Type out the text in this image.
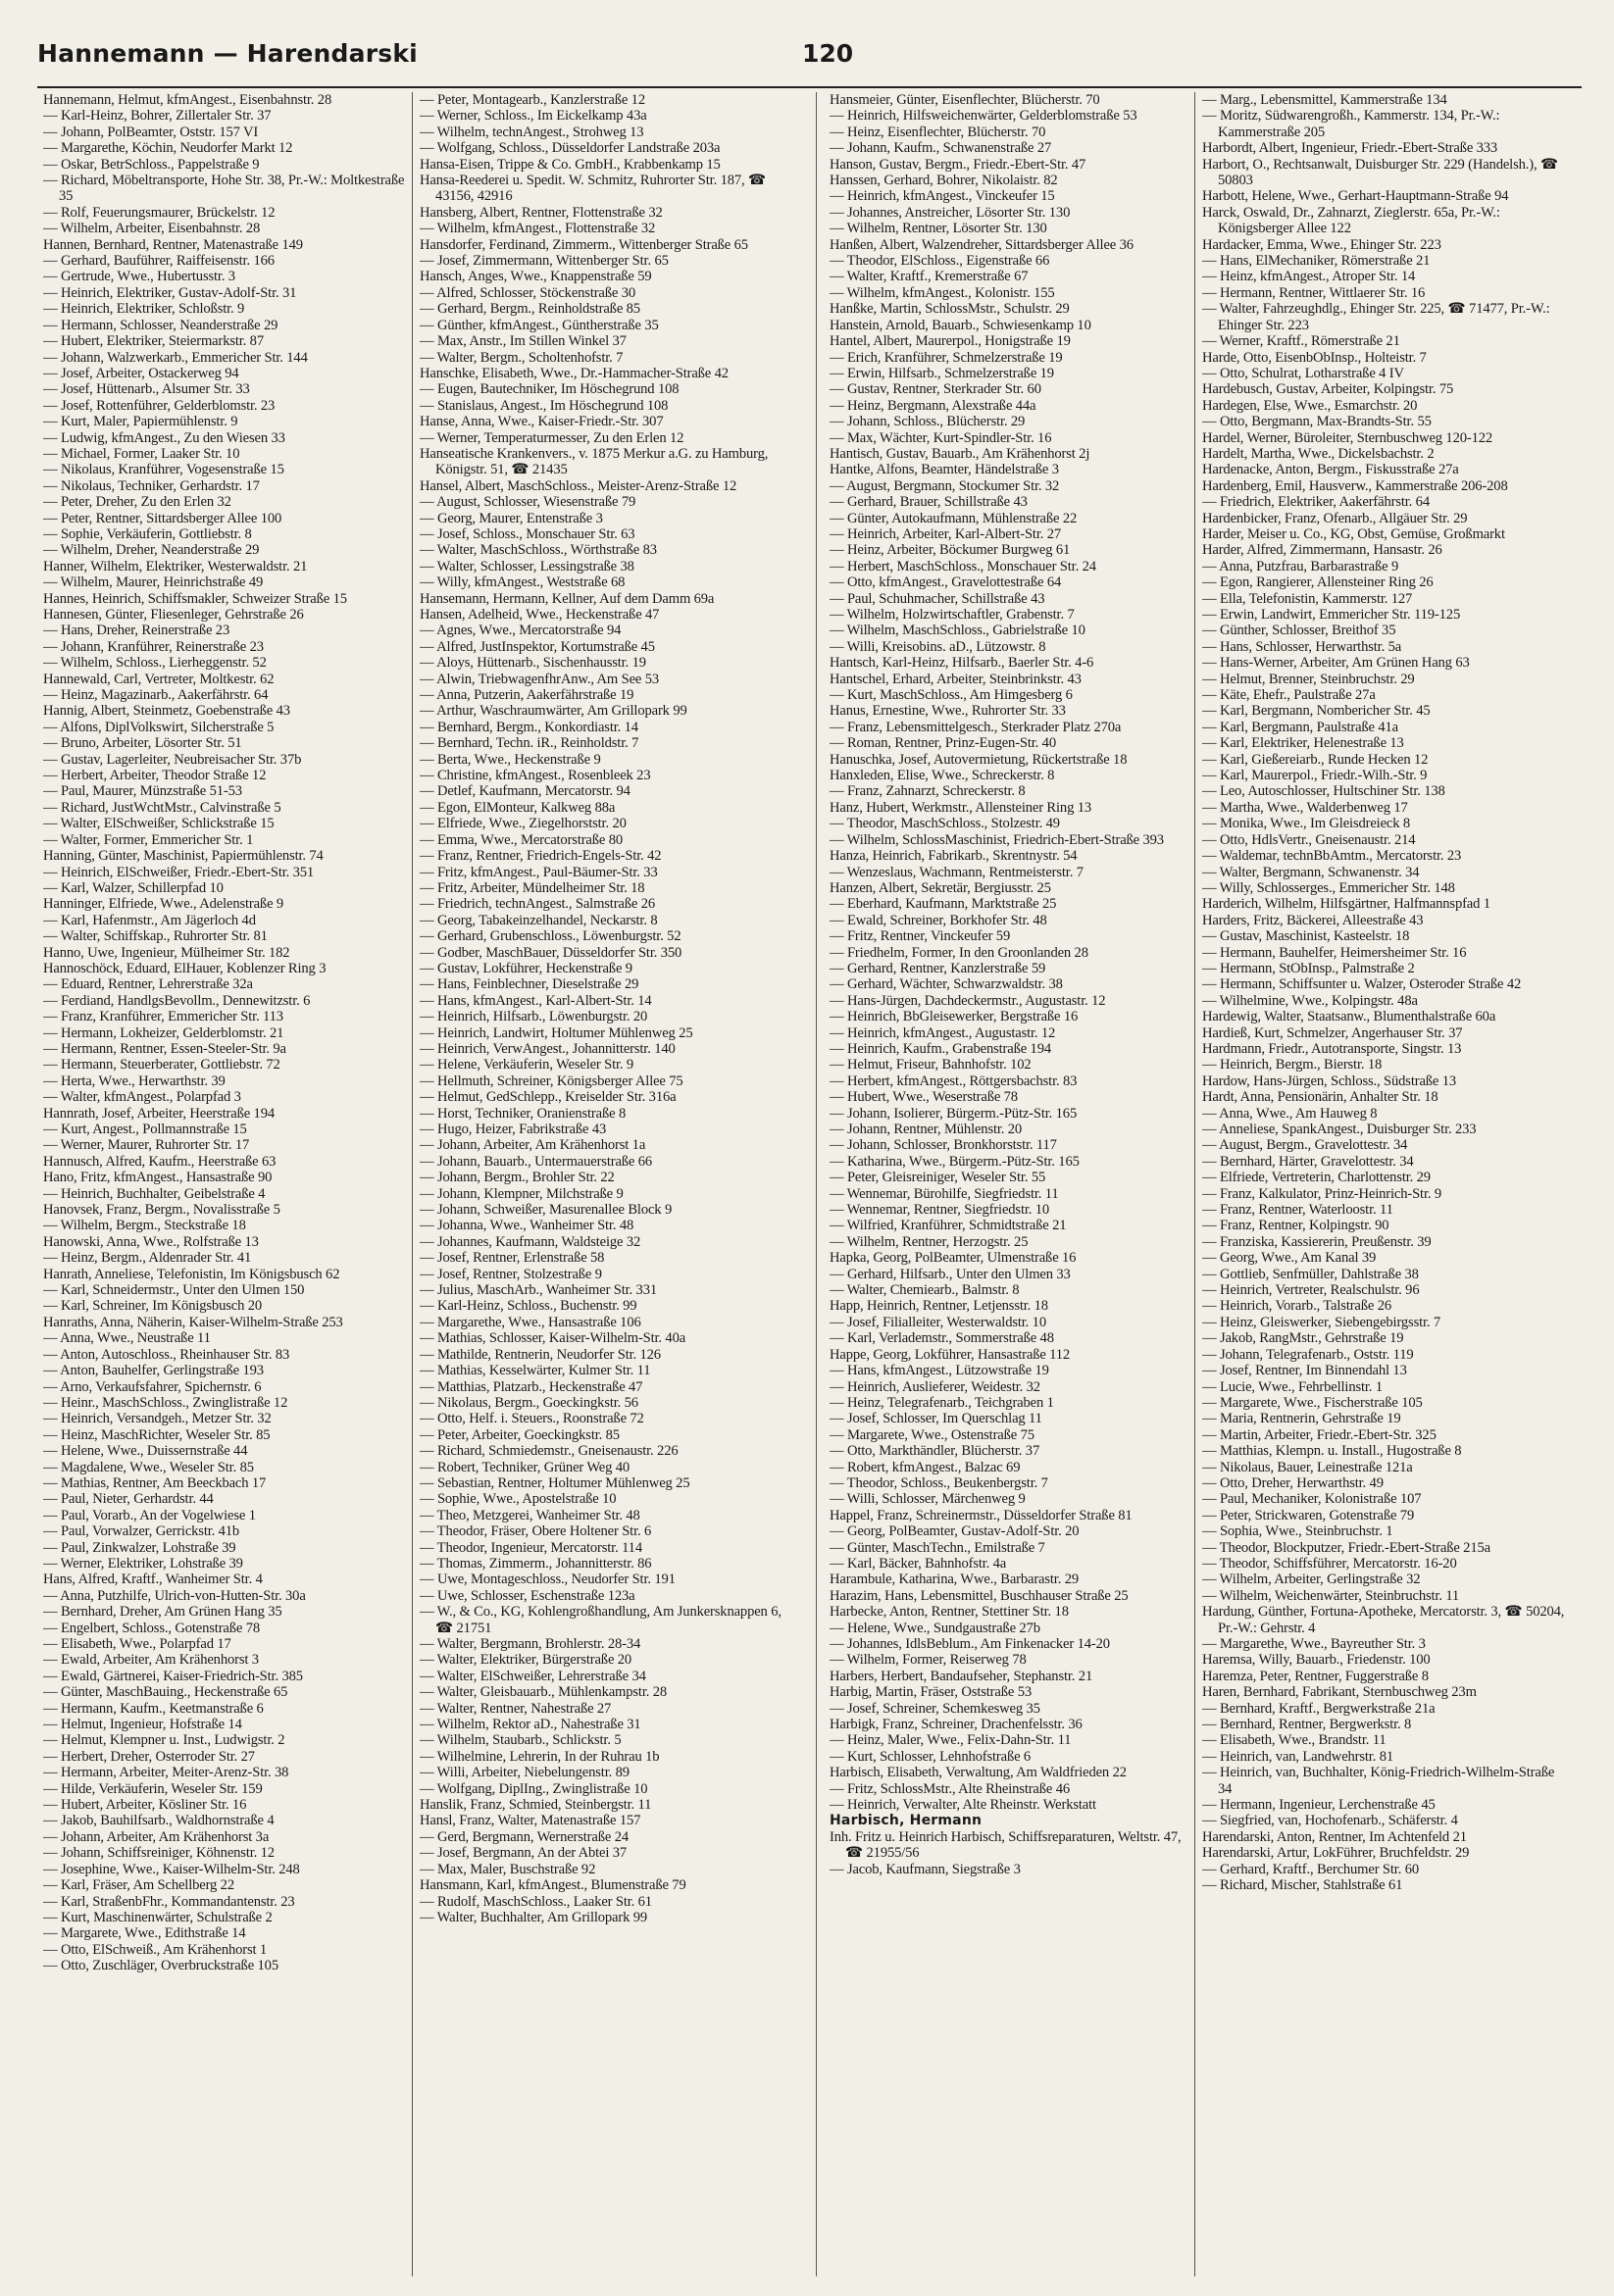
Hannemann — Harendarski	120

Hannemann, Helmut, kfmAngest., Eisenbahnstr. 28

— Karl-Heinz, Bohrer, Zillertaler Str. 37

— Johann, PolBeamter, Oststr. 157 VI

— Margarethe, Köchin, Neudorfer Markt 12

— Oskar, BetrSchloss., Pappelstraße 9

— Richard, Möbeltransporte, Hohe Str. 38, Pr.-W.: Moltkestraße 35

— Rolf, Feuerungsmaurer, Brückelstr. 12

— Wilhelm, Arbeiter, Eisenbahnstr. 28

Hannen, Bernhard, Rentner, Matenastraße 149

— Gerhard, Bauführer, Raiffeisenstr. 166

— Gertrude, Wwe., Hubertusstr. 3

— Heinrich, Elektriker, Gustav-Adolf-Str. 31

— Heinrich, Elektriker, Schloßstr. 9

— Hermann, Schlosser, Neanderstraße 29

— Hubert, Elektriker, Steiermarkstr. 87

— Johann, Walzwerkarb., Emmericher Str. 144

— Josef, Arbeiter, Ostackerweg 94

— Josef, Hüttenarb., Alsumer Str. 33

— Josef, Rottenführer, Gelderblomstr. 23

— Kurt, Maler, Papiermühlenstr. 9

— Ludwig, kfmAngest., Zu den Wiesen 33

— Michael, Former, Laaker Str. 10

— Nikolaus, Kranführer, Vogesenstraße 15

— Nikolaus, Techniker, Gerhardstr. 17

— Peter, Dreher, Zu den Erlen 32

— Peter, Rentner, Sittardsberger Allee 100

— Sophie, Verkäuferin, Gottliebstr. 8

— Wilhelm, Dreher, Neanderstraße 29

Hanner, Wilhelm, Elektriker, Westerwaldstr. 21

— Wilhelm, Maurer, Heinrichstraße 49

Hannes, Heinrich, Schiffsmakler, Schweizer Straße 15

Hannesen, Günter, Fliesenleger, Gehrstraße 26

— Hans, Dreher, Reinerstraße 23

— Johann, Kranführer, Reinerstraße 23

— Wilhelm, Schloss., Lierheggenstr. 52

Hannewald, Carl, Vertreter, Moltkestr. 62

— Heinz, Magazinarb., Aakerfährstr. 64

Hannig, Albert, Steinmetz, Goebenstraße 43

— Alfons, DiplVolkswirt, Silcherstraße 5

— Bruno, Arbeiter, Lösorter Str. 51

— Gustav, Lagerleiter, Neubreisacher Str. 37b

— Herbert, Arbeiter, Theodor Straße 12

— Paul, Maurer, Münzstraße 51-53

— Richard, JustWchtMstr., Calvinstraße 5

— Walter, ElSchweißer, Schlickstraße 15

— Walter, Former, Emmericher Str. 1

Hanning, Günter, Maschinist, Papiermühlenstr. 74

— Heinrich, ElSchweißer, Friedr.-Ebert-Str. 351

— Karl, Walzer, Schillerpfad 10

Hanninger, Elfriede, Wwe., Adelenstraße 9

— Karl, Hafenmstr., Am Jägerloch 4d

— Walter, Schiffskap., Ruhrorter Str. 81

Hanno, Uwe, Ingenieur, Mülheimer Str. 182

Hannoschöck, Eduard, ElHauer, Koblenzer Ring 3

— Eduard, Rentner, Lehrerstraße 32a

— Ferdiand, HandlgsBevollm., Dennewitzstr. 6

— Franz, Kranführer, Emmericher Str. 113

— Hermann, Lokheizer, Gelderblomstr. 21

— Hermann, Rentner, Essen-Steeler-Str. 9a

— Hermann, Steuerberater, Gottliebstr. 72

— Herta, Wwe., Herwarthstr. 39

— Walter, kfmAngest., Polarpfad 3

Hannrath, Josef, Arbeiter, Heerstraße 194

— Kurt, Angest., Pollmannstraße 15

— Werner, Maurer, Ruhrorter Str. 17

Hannusch, Alfred, Kaufm., Heerstraße 63

Hano, Fritz, kfmAngest., Hansastraße 90

— Heinrich, Buchhalter, Geibelstraße 4

Hanovsek, Franz, Bergm., Novalisstraße 5

— Wilhelm, Bergm., Steckstraße 18

Hanowski, Anna, Wwe., Rolfstraße 13

— Heinz, Bergm., Aldenrader Str. 41

Hanrath, Anneliese, Telefonistin, Im Königsbusch 62

— Karl, Schneidermstr., Unter den Ulmen 150

— Karl, Schreiner, Im Königsbusch 20

Hanraths, Anna, Näherin, Kaiser-Wilhelm-Straße 253

— Anna, Wwe., Neustraße 11

— Anton, Autoschloss., Rheinhauser Str. 83

— Anton, Bauhelfer, Gerlingstraße 193

— Arno, Verkaufsfahrer, Spichernstr. 6

— Heinr., MaschSchloss., Zwinglistraße 12

— Heinrich, Versandgeh., Metzer Str. 32

— Heinz, MaschRichter, Weseler Str. 85

— Helene, Wwe., Duissernstraße 44

— Magdalene, Wwe., Weseler Str. 85

— Mathias, Rentner, Am Beeckbach 17

— Paul, Nieter, Gerhardstr. 44

— Paul, Vorarb., An der Vogelwiese 1

— Paul, Vorwalzer, Gerrickstr. 41b

— Paul, Zinkwalzer, Lohstraße 39

— Werner, Elektriker, Lohstraße 39

Hans, Alfred, Kraftf., Wanheimer Str. 4

— Anna, Putzhilfe, Ulrich-von-Hutten-Str. 30a

— Bernhard, Dreher, Am Grünen Hang 35

— Engelbert, Schloss., Gotenstraße 78

— Elisabeth, Wwe., Polarpfad 17

— Ewald, Arbeiter, Am Krähenhorst 3

— Ewald, Gärtnerei, Kaiser-Friedrich-Str. 385

— Günter, MaschBauing., Heckenstraße 65

— Hermann, Kaufm., Keetmanstraße 6

— Helmut, Ingenieur, Hofstraße 14

— Helmut, Klempner u. Inst., Ludwigstr. 2

— Herbert, Dreher, Osterroder Str. 27

— Hermann, Arbeiter, Meiter-Arenz-Str. 38

— Hilde, Verkäuferin, Weseler Str. 159

— Hubert, Arbeiter, Kösliner Str. 16

— Jakob, Bauhilfsarb., Waldhornstraße 4

— Johann, Arbeiter, Am Krähenhorst 3a

— Johann, Schiffsreiniger, Köhnenstr. 12

— Josephine, Wwe., Kaiser-Wilhelm-Str. 248

— Karl, Fräser, Am Schellberg 22

— Karl, StraßenbFhr., Kommandantenstr. 23

— Kurt, Maschinenwärter, Schulstraße 2

— Margarete, Wwe., Edithstraße 14

— Otto, ElSchweiß., Am Krähenhorst 1

— Otto, Zuschläger, Overbruckstraße 105

— Peter, Montagearb., Kanzlerstraße 12

— Werner, Schloss., Im Eickelkamp 43a

— Wilhelm, technAngest., Strohweg 13

— Wolfgang, Schloss., Düsseldorfer Landstraße 203a

Hansa-Eisen, Trippe & Co. GmbH., Krabbenkamp 15

Hansa-Reederei u. Spedit. W. Schmitz, Ruhrorter Str. 187, ☎ 43156, 42916

Hansberg, Albert, Rentner, Flottenstraße 32

— Wilhelm, kfmAngest., Flottenstraße 32

Hansdorfer, Ferdinand, Zimmerm., Wittenberger Straße 65

— Josef, Zimmermann, Wittenberger Str. 65

Hansch, Anges, Wwe., Knappenstraße 59

— Alfred, Schlosser, Stöckenstraße 30

— Gerhard, Bergm., Reinholdstraße 85

— Günther, kfmAngest., Güntherstraße 35

— Max, Anstr., Im Stillen Winkel 37

— Walter, Bergm., Scholtenhofstr. 7

Hanschke, Elisabeth, Wwe., Dr.-Hammacher-Straße 42

— Eugen, Bautechniker, Im Höschegrund 108

— Stanislaus, Angest., Im Höschegrund 108

Hanse, Anna, Wwe., Kaiser-Friedr.-Str. 307

— Werner, Temperaturmesser, Zu den Erlen 12

Hanseatische Krankenvers., v. 1875 Merkur a.G. zu Hamburg, Königstr. 51, ☎ 21435

Hansel, Albert, MaschSchloss., Meister-Arenz-Straße 12

— August, Schlosser, Wiesenstraße 79

— Georg, Maurer, Entenstraße 3

— Josef, Schloss., Monschauer Str. 63

— Walter, MaschSchloss., Wörthstraße 83

— Walter, Schlosser, Lessingstraße 38

— Willy, kfmAngest., Weststraße 68

Hansemann, Hermann, Kellner, Auf dem Damm 69a

Hansen, Adelheid, Wwe., Heckenstraße 47

— Agnes, Wwe., Mercatorstraße 94

— Alfred, JustInspektor, Kortumstraße 45

— Aloys, Hüttenarb., Sischenhausstr. 19

— Alwin, TriebwagenfhrAnw., Am See 53

— Anna, Putzerin, Aakerfährstraße 19

— Arthur, Waschraumwärter, Am Grillopark 99

— Bernhard, Bergm., Konkordiastr. 14

— Bernhard, Techn. iR., Reinholdstr. 7

— Berta, Wwe., Heckenstraße 9

— Christine, kfmAngest., Rosenbleek 23

— Detlef, Kaufmann, Mercatorstr. 94

— Egon, ElMonteur, Kalkweg 88a

— Elfriede, Wwe., Ziegelhorststr. 20

— Emma, Wwe., Mercatorstraße 80

— Franz, Rentner, Friedrich-Engels-Str. 42

— Fritz, kfmAngest., Paul-Bäumer-Str. 33

— Fritz, Arbeiter, Mündelheimer Str. 18

— Friedrich, technAngest., Salmstraße 26

— Georg, Tabakeinzelhandel, Neckarstr. 8

— Gerhard, Grubenschloss., Löwenburgstr. 52

— Godber, MaschBauer, Düsseldorfer Str. 350

— Gustav, Lokführer, Heckenstraße 9

— Hans, Feinblechner, Dieselstraße 29

— Hans, kfmAngest., Karl-Albert-Str. 14

— Heinrich, Hilfsarb., Löwenburgstr. 20

— Heinrich, Landwirt, Holtumer Mühlenweg 25

— Heinrich, VerwAngest., Johannitterstr. 140

— Helene, Verkäuferin, Weseler Str. 9

— Hellmuth, Schreiner, Königsberger Allee 75

— Helmut, GedSchlepp., Kreiselder Str. 316a

— Horst, Techniker, Oranienstraße 8

— Hugo, Heizer, Fabrikstraße 43

— Johann, Arbeiter, Am Krähenhorst 1a

— Johann, Bauarb., Untermauerstraße 66

— Johann, Bergm., Brohler Str. 22

— Johann, Klempner, Milchstraße 9

— Johann, Schweißer, Masurenallee Block 9

— Johanna, Wwe., Wanheimer Str. 48

— Johannes, Kaufmann, Waldsteige 32

— Josef, Rentner, Erlenstraße 58

— Josef, Rentner, Stolzestraße 9

— Julius, MaschArb., Wanheimer Str. 331

— Karl-Heinz, Schloss., Buchenstr. 99

— Margarethe, Wwe., Hansastraße 106

— Mathias, Schlosser, Kaiser-Wilhelm-Str. 40a

— Mathilde, Rentnerin, Neudorfer Str. 126

— Mathias, Kesselwärter, Kulmer Str. 11

— Matthias, Platzarb., Heckenstraße 47

— Nikolaus, Bergm., Goeckingkstr. 56

— Otto, Helf. i. Steuers., Roonstraße 72

— Peter, Arbeiter, Goeckingkstr. 85

— Richard, Schmiedemstr., Gneisenaustr. 226

— Robert, Techniker, Grüner Weg 40

— Sebastian, Rentner, Holtumer Mühlenweg 25

— Sophie, Wwe., Apostelstraße 10

— Theo, Metzgerei, Wanheimer Str. 48

— Theodor, Fräser, Obere Holtener Str. 6

— Theodor, Ingenieur, Mercatorstr. 114

— Thomas, Zimmerm., Johannitterstr. 86

— Uwe, Montageschloss., Neudorfer Str. 191

— Uwe, Schlosser, Eschenstraße 123a

— W., & Co., KG, Kohlengroßhandlung, Am Junkersknappen 6, ☎ 21751

— Walter, Bergmann, Brohlerstr. 28-34

— Walter, Elektriker, Bürgerstraße 20

— Walter, ElSchweißer, Lehrerstraße 34

— Walter, Gleisbauarb., Mühlenkampstr. 28

— Walter, Rentner, Nahestraße 27

— Wilhelm, Rektor aD., Nahestraße 31

— Wilhelm, Staubarb., Schlickstr. 5

— Wilhelmine, Lehrerin, In der Ruhrau 1b

— Willi, Arbeiter, Niebelungenstr. 89

— Wolfgang, DiplIng., Zwinglistraße 10

Hanslik, Franz, Schmied, Steinbergstr. 11

Hansl, Franz, Walter, Matenastraße 157

— Gerd, Bergmann, Wernerstraße 24

— Josef, Bergmann, An der Abtei 37

— Max, Maler, Buschstraße 92

Hansmann, Karl, kfmAngest., Blumenstraße 79

— Rudolf, MaschSchloss., Laaker Str. 61

— Walter, Buchhalter, Am Grillopark 99

Hansmeier, Günter, Eisenflechter, Blücherstr. 70

— Heinrich, Hilfsweichenwärter, Gelderblomstraße 53

— Heinz, Eisenflechter, Blücherstr. 70

— Johann, Kaufm., Schwanenstraße 27

Hanson, Gustav, Bergm., Friedr.-Ebert-Str. 47

Hanssen, Gerhard, Bohrer, Nikolaistr. 82

— Heinrich, kfmAngest., Vinckeufer 15

— Johannes, Anstreicher, Lösorter Str. 130

— Wilhelm, Rentner, Lösorter Str. 130

Hanßen, Albert, Walzendreher, Sittardsberger Allee 36

— Theodor, ElSchloss., Eigenstraße 66

— Walter, Kraftf., Kremerstraße 67

— Wilhelm, kfmAngest., Kolonistr. 155

Hanßke, Martin, SchlossMstr., Schulstr. 29

Hanstein, Arnold, Bauarb., Schwiesenkamp 10

Hantel, Albert, Maurerpol., Honigstraße 19

— Erich, Kranführer, Schmelzerstraße 19

— Erwin, Hilfsarb., Schmelzerstraße 19

— Gustav, Rentner, Sterkrader Str. 60

— Heinz, Bergmann, Alexstraße 44a

— Johann, Schloss., Blücherstr. 29

— Max, Wächter, Kurt-Spindler-Str. 16

Hantisch, Gustav, Bauarb., Am Krähenhorst 2j

Hantke, Alfons, Beamter, Händelstraße 3

— August, Bergmann, Stockumer Str. 32

— Gerhard, Brauer, Schillstraße 43

— Günter, Autokaufmann, Mühlenstraße 22

— Heinrich, Arbeiter, Karl-Albert-Str. 27

— Heinz, Arbeiter, Böckumer Burgweg 61

— Herbert, MaschSchloss., Monschauer Str. 24

— Otto, kfmAngest., Gravelottestraße 64

— Paul, Schuhmacher, Schillstraße 43

— Wilhelm, Holzwirtschaftler, Grabenstr. 7

— Wilhelm, MaschSchloss., Gabrielstraße 10

— Willi, Kreisobins. aD., Lützowstr. 8

Hantsch, Karl-Heinz, Hilfsarb., Baerler Str. 4-6

Hantschel, Erhard, Arbeiter, Steinbrinkstr. 43

— Kurt, MaschSchloss., Am Himgesberg 6

Hanus, Ernestine, Wwe., Ruhrorter Str. 33

— Franz, Lebensmittelgesch., Sterkrader Platz 270a

— Roman, Rentner, Prinz-Eugen-Str. 40

Hanuschka, Josef, Autovermietung, Rückertstraße 18

Hanxleden, Elise, Wwe., Schreckerstr. 8

— Franz, Zahnarzt, Schreckerstr. 8

Hanz, Hubert, Werkmstr., Allensteiner Ring 13

— Theodor, MaschSchloss., Stolzestr. 49

— Wilhelm, SchlossMaschinist, Friedrich-Ebert-Straße 393

Hanza, Heinrich, Fabrikarb., Skrentnystr. 54

— Wenzeslaus, Wachmann, Rentmeisterstr. 7

Hanzen, Albert, Sekretär, Bergiusstr. 25

— Eberhard, Kaufmann, Marktstraße 25

— Ewald, Schreiner, Borkhofer Str. 48

— Fritz, Rentner, Vinckeufer 59

— Friedhelm, Former, In den Groonlanden 28

— Gerhard, Rentner, Kanzlerstraße 59

— Gerhard, Wächter, Schwarzwaldstr. 38

— Hans-Jürgen, Dachdeckermstr., Augustastr. 12

— Heinrich, BbGleisewerker, Bergstraße 16

— Heinrich, kfmAngest., Augustastr. 12

— Heinrich, Kaufm., Grabenstraße 194

— Helmut, Friseur, Bahnhofstr. 102

— Herbert, kfmAngest., Röttgersbachstr. 83

— Hubert, Wwe., Weserstraße 78

— Johann, Isolierer, Bürgerm.-Pütz-Str. 165

— Johann, Rentner, Mühlenstr. 20

— Johann, Schlosser, Bronkhorststr. 117

— Katharina, Wwe., Bürgerm.-Pütz-Str. 165

— Peter, Gleisreiniger, Weseler Str. 55

— Wennemar, Bürohilfe, Siegfriedstr. 11

— Wennemar, Rentner, Siegfriedstr. 10

— Wilfried, Kranführer, Schmidtstraße 21

— Wilhelm, Rentner, Herzogstr. 25

Hapka, Georg, PolBeamter, Ulmenstraße 16

— Gerhard, Hilfsarb., Unter den Ulmen 33

— Walter, Chemiearb., Balmstr. 8

Happ, Heinrich, Rentner, Letjensstr. 18

— Josef, Filialleiter, Westerwaldstr. 10

— Karl, Verlademstr., Sommerstraße 48

Happe, Georg, Lokführer, Hansastraße 112

— Hans, kfmAngest., Lützowstraße 19

— Heinrich, Auslieferer, Weidestr. 32

— Heinz, Telegrafenarb., Teichgraben 1

— Josef, Schlosser, Im Querschlag 11

— Margarete, Wwe., Ostenstraße 75

— Otto, Markthändler, Blücherstr. 37

— Robert, kfmAngest., Balzac 69

— Theodor, Schloss., Beukenbergstr. 7

— Willi, Schlosser, Märchenweg 9

Happel, Franz, Schreinermstr., Düsseldorfer Straße 81

— Georg, PolBeamter, Gustav-Adolf-Str. 20

— Günter, MaschTechn., Emilstraße 7

— Karl, Bäcker, Bahnhofstr. 4a

Harambule, Katharina, Wwe., Barbarastr. 29

Harazim, Hans, Lebensmittel, Buschhauser Straße 25

Harbecke, Anton, Rentner, Stettiner Str. 18

— Helene, Wwe., Sundgaustraße 27b

— Johannes, IdlsBeblum., Am Finkenacker 14-20

— Wilhelm, Former, Reiserweg 78

Harbers, Herbert, Bandaufseher, Stephanstr. 21

Harbig, Martin, Fräser, Oststraße 53

— Josef, Schreiner, Schemkesweg 35

Harbigk, Franz, Schreiner, Drachenfelsstr. 36

— Heinz, Maler, Wwe., Felix-Dahn-Str. 11

— Kurt, Schlosser, Lehnhofstraße 6

Harbisch, Elisabeth, Verwaltung, Am Waldfrieden 22

— Fritz, SchlossMstr., Alte Rheinstraße 46

— Heinrich, Verwalter, Alte Rheinstr. Werkstatt

Harbisch, Hermann

Inh. Fritz u. Heinrich Harbisch, Schiffsreparaturen, Weltstr. 47, ☎ 21955/56

— Jacob, Kaufmann, Siegstraße 3

— Marg., Lebensmittel, Kammerstraße 134

— Moritz, Südwarengroßh., Kammerstr. 134, Pr.-W.: Kammerstraße 205

Harbordt, Albert, Ingenieur, Friedr.-Ebert-Straße 333

Harbort, O., Rechtsanwalt, Duisburger Str. 229 (Handelsh.), ☎ 50803

Harbott, Helene, Wwe., Gerhart-Hauptmann-Straße 94

Harck, Oswald, Dr., Zahnarzt, Zieglerstr. 65a, Pr.-W.: Königsberger Allee 122

Hardacker, Emma, Wwe., Ehinger Str. 223

— Hans, ElMechaniker, Römerstraße 21

— Heinz, kfmAngest., Atroper Str. 14

— Hermann, Rentner, Wittlaerer Str. 16

— Walter, Fahrzeughdlg., Ehinger Str. 225, ☎ 71477, Pr.-W.: Ehinger Str. 223

— Werner, Kraftf., Römerstraße 21

Harde, Otto, EisenbObInsp., Holteistr. 7

— Otto, Schulrat, Lotharstraße 4 IV

Hardebusch, Gustav, Arbeiter, Kolpingstr. 75

Hardegen, Else, Wwe., Esmarchstr. 20

— Otto, Bergmann, Max-Brandts-Str. 55

Hardel, Werner, Büroleiter, Sternbuschweg 120-122

Hardelt, Martha, Wwe., Dickelsbachstr. 2

Hardenacke, Anton, Bergm., Fiskusstraße 27a

Hardenberg, Emil, Hausverw., Kammerstraße 206-208

— Friedrich, Elektriker, Aakerfährstr. 64

Hardenbicker, Franz, Ofenarb., Allgäuer Str. 29

Harder, Meiser u. Co., KG, Obst, Gemüse, Großmarkt

Harder, Alfred, Zimmermann, Hansastr. 26

— Anna, Putzfrau, Barbarastraße 9

— Egon, Rangierer, Allensteiner Ring 26

— Ella, Telefonistin, Kammerstr. 127

— Erwin, Landwirt, Emmericher Str. 119-125

— Günther, Schlosser, Breithof 35

— Hans, Schlosser, Herwarthstr. 5a

— Hans-Werner, Arbeiter, Am Grünen Hang 63

— Helmut, Brenner, Steinbruchstr. 29

— Käte, Ehefr., Paulstraße 27a

— Karl, Bergmann, Nombericher Str. 45

— Karl, Bergmann, Paulstraße 41a

— Karl, Elektriker, Helenestraße 13

— Karl, Gießereiarb., Runde Hecken 12

— Karl, Maurerpol., Friedr.-Wilh.-Str. 9

— Leo, Autoschlosser, Hultschiner Str. 138

— Martha, Wwe., Walderbenweg 17

— Monika, Wwe., Im Gleisdreieck 8

— Otto, HdlsVertr., Gneisenaustr. 214

— Waldemar, technBbAmtm., Mercatorstr. 23

— Walter, Bergmann, Schwanenstr. 34

— Willy, Schlosserges., Emmericher Str. 148

Harderich, Wilhelm, Hilfsgärtner, Halfmannspfad 1

Harders, Fritz, Bäckerei, Alleestraße 43

— Gustav, Maschinist, Kasteelstr. 18

— Hermann, Bauhelfer, Heimersheimer Str. 16

— Hermann, StObInsp., Palmstraße 2

— Hermann, Schiffsunter u. Walzer, Osteroder Straße 42

— Wilhelmine, Wwe., Kolpingstr. 48a

Hardewig, Walter, Staatsanw., Blumenthalstraße 60a

Hardieß, Kurt, Schmelzer, Angerhauser Str. 37

Hardmann, Friedr., Autotransporte, Singstr. 13

— Heinrich, Bergm., Bierstr. 18

Hardow, Hans-Jürgen, Schloss., Südstraße 13

Hardt, Anna, Pensionärin, Anhalter Str. 18

— Anna, Wwe., Am Hauweg 8

— Anneliese, SpankAngest., Duisburger Str. 233

— August, Bergm., Gravelottestr. 34

— Bernhard, Härter, Gravelottestr. 34

— Elfriede, Vertreterin, Charlottenstr. 29

— Franz, Kalkulator, Prinz-Heinrich-Str. 9

— Franz, Rentner, Waterloostr. 11

— Franz, Rentner, Kolpingstr. 90

— Franziska, Kassiererin, Preußenstr. 39

— Georg, Wwe., Am Kanal 39

— Gottlieb, Senfmüller, Dahlstraße 38

— Heinrich, Vertreter, Realschulstr. 96

— Heinrich, Vorarb., Talstraße 26

— Heinz, Gleiswerker, Siebengebirgsstr. 7

— Jakob, RangMstr., Gehrstraße 19

— Johann, Telegrafenarb., Oststr. 119

— Josef, Rentner, Im Binnendahl 13

— Lucie, Wwe., Fehrbellinstr. 1

— Margarete, Wwe., Fischerstraße 105

— Maria, Rentnerin, Gehrstraße 19

— Martin, Arbeiter, Friedr.-Ebert-Str. 325

— Matthias, Klempn. u. Install., Hugostraße 8

— Nikolaus, Bauer, Leinestraße 121a

— Otto, Dreher, Herwarthstr. 49

— Paul, Mechaniker, Kolonistraße 107

— Peter, Strickwaren, Gotenstraße 79

— Sophia, Wwe., Steinbruchstr. 1

— Theodor, Blockputzer, Friedr.-Ebert-Straße 215a

— Theodor, Schiffsführer, Mercatorstr. 16-20

— Wilhelm, Arbeiter, Gerlingstraße 32

— Wilhelm, Weichenwärter, Steinbruchstr. 11

Hardung, Günther, Fortuna-Apotheke, Mercatorstr. 3, ☎ 50204, Pr.-W.: Gehrstr. 4

— Margarethe, Wwe., Bayreuther Str. 3

Haremsa, Willy, Bauarb., Friedenstr. 100

Haremza, Peter, Rentner, Fuggerstraße 8

Haren, Bernhard, Fabrikant, Sternbuschweg 23m

— Bernhard, Kraftf., Bergwerkstraße 21a

— Bernhard, Rentner, Bergwerkstr. 8

— Elisabeth, Wwe., Brandstr. 11

— Heinrich, van, Landwehrstr. 81

— Heinrich, van, Buchhalter, König-Friedrich-Wilhelm-Straße 34

— Hermann, Ingenieur, Lerchenstraße 45

— Siegfried, van, Hochofenarb., Schäferstr. 4

Harendarski, Anton, Rentner, Im Achtenfeld 21

Harendarski, Artur, LokFührer, Bruchfeldstr. 29

— Gerhard, Kraftf., Berchumer Str. 60

— Richard, Mischer, Stahlstraße 61
